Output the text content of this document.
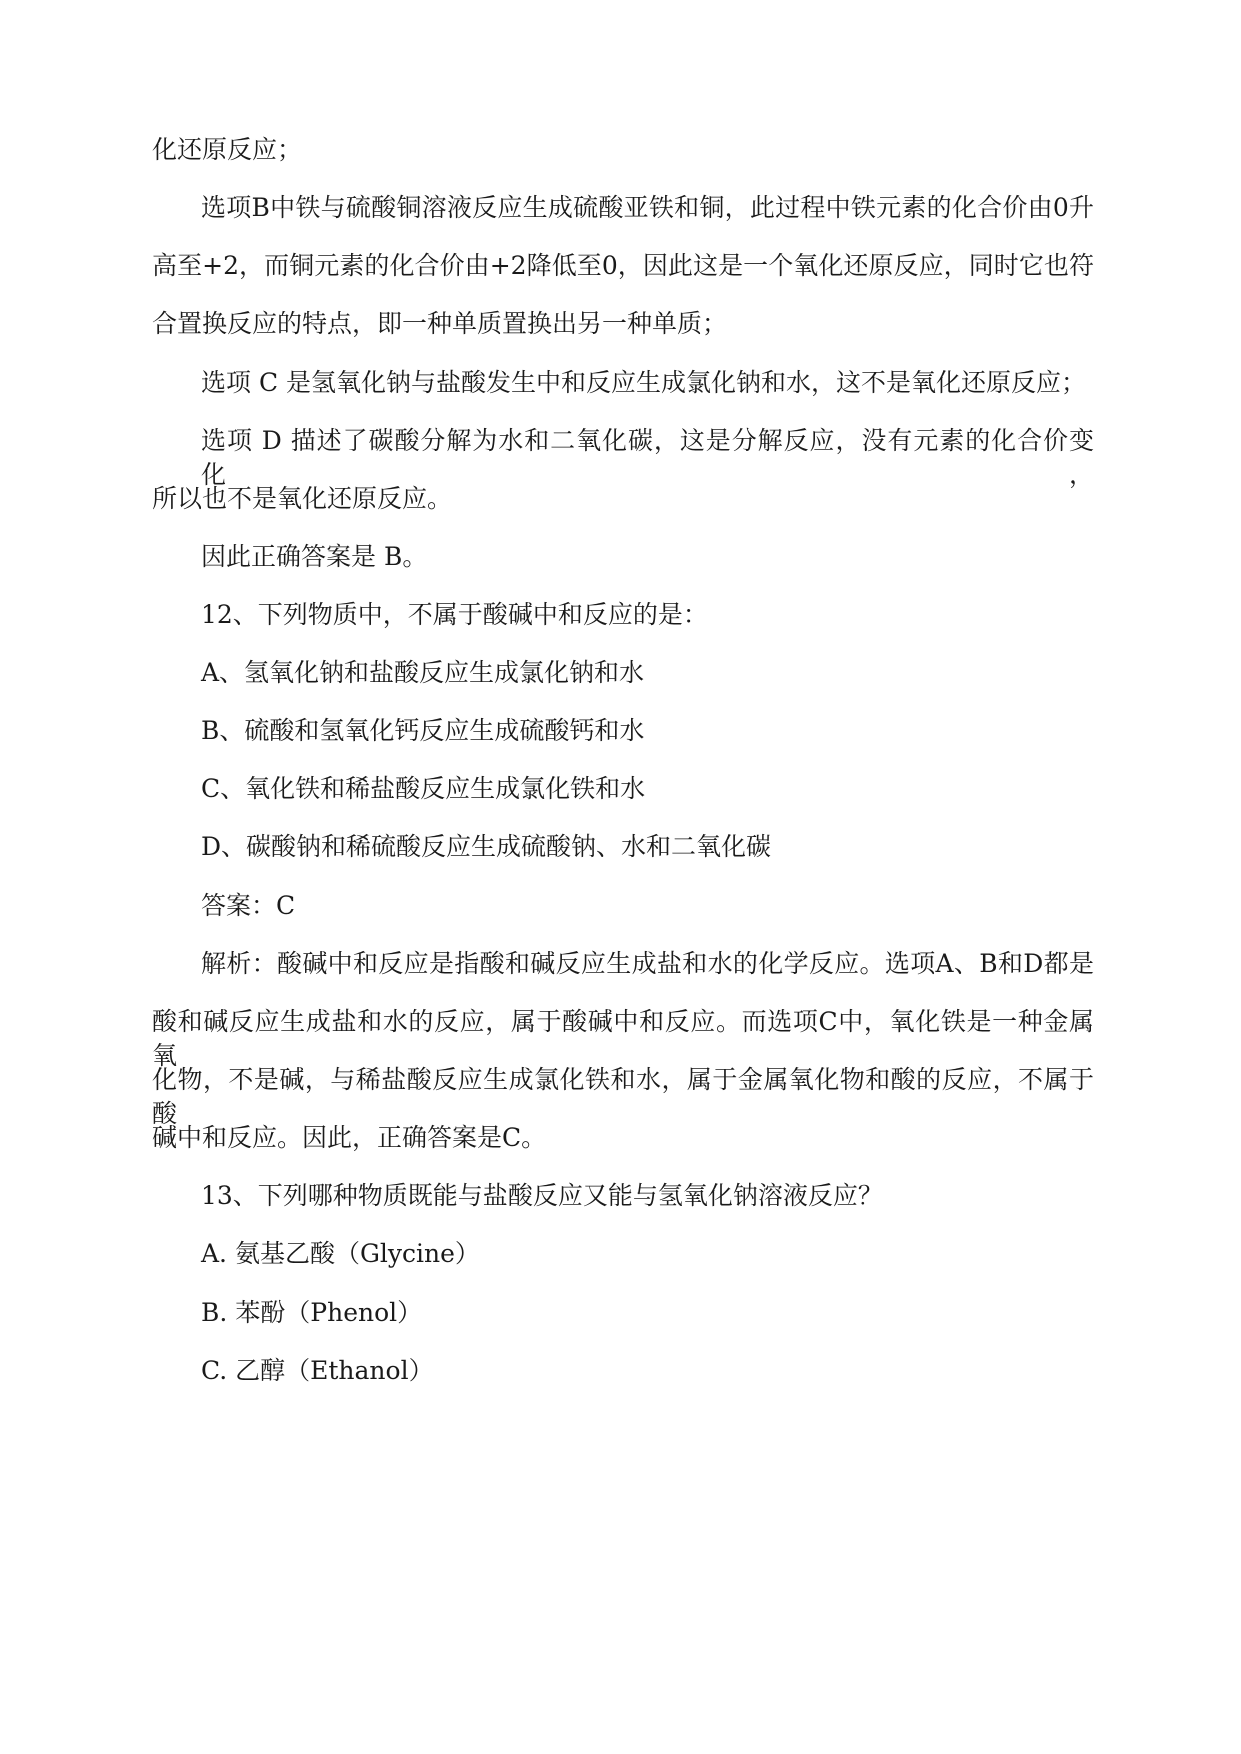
化还原反应；
选项B中铁与硫酸铜溶液反应生成硫酸亚铁和铜，此过程中铁元素的化合价由0升
高至+2，而铜元素的化合价由+2降低至0，因此这是一个氧化还原反应，同时它也符
合置换反应的特点，即一种单质置换出另一种单质；
选项 C 是氢氧化钠与盐酸发生中和反应生成氯化钠和水，这不是氧化还原反应；
选项 D 描述了碳酸分解为水和二氧化碳，这是分解反应，没有元素的化合价变化，
所以也不是氧化还原反应。
因此正确答案是 B。
12、下列物质中，不属于酸碱中和反应的是：
A、氢氧化钠和盐酸反应生成氯化钠和水
B、硫酸和氢氧化钙反应生成硫酸钙和水
C、氧化铁和稀盐酸反应生成氯化铁和水
D、碳酸钠和稀硫酸反应生成硫酸钠、水和二氧化碳
答案：C
解析：酸碱中和反应是指酸和碱反应生成盐和水的化学反应。选项A、B和D都是
酸和碱反应生成盐和水的反应，属于酸碱中和反应。而选项C中，氧化铁是一种金属氧
化物，不是碱，与稀盐酸反应生成氯化铁和水，属于金属氧化物和酸的反应，不属于酸
碱中和反应。因此，正确答案是C。
13、下列哪种物质既能与盐酸反应又能与氢氧化钠溶液反应？
A. 氨基乙酸（Glycine）
B. 苯酚（Phenol）
C. 乙醇（Ethanol）
